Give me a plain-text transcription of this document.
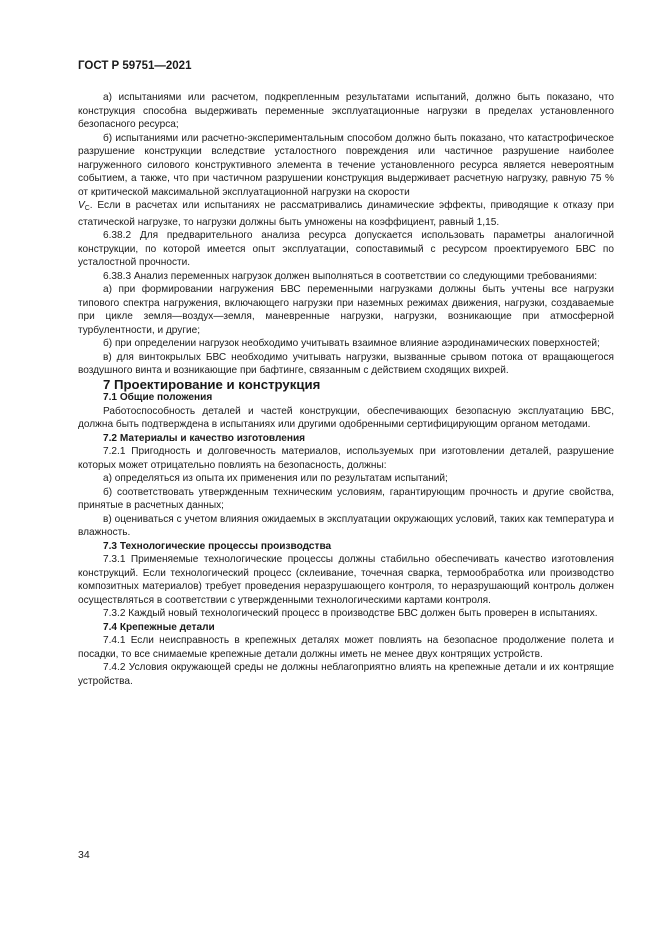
ГОСТ Р 59751—2021

а) испытаниями или расчетом, подкрепленным результатами испытаний, должно быть показано, что конструкция способна выдерживать переменные эксплуатационные нагрузки в пределах установленного безопасного ресурса;

б) испытаниями или расчетно-экспериментальным способом должно быть показано, что катастрофическое разрушение конструкции вследствие усталостного повреждения или частичное разрушение наиболее нагруженного силового конструктивного элемента в течение установленного ресурса является невероятным событием, а также, что при частичном разрушении конструкция выдерживает расчетную нагрузку, равную 75 % от критической максимальной эксплуатационной нагрузки на скорости

$V_C$. Если в расчетах или испытаниях не рассматривались динамические эффекты, приводящие к отказу при статической нагрузке, то нагрузки должны быть умножены на коэффициент, равный 1,15.

6.38.2 Для предварительного анализа ресурса допускается использовать параметры аналогичной конструкции, по которой имеется опыт эксплуатации, сопоставимый с ресурсом проектируемого БВС по усталостной прочности.

6.38.3 Анализ переменных нагрузок должен выполняться в соответствии со следующими требованиями:

а) при формировании нагружения БВС переменными нагрузками должны быть учтены все нагрузки типового спектра нагружения, включающего нагрузки при наземных режимах движения, нагрузки, создаваемые при цикле земля—воздух—земля, маневренные нагрузки, нагрузки, возникающие при атмосферной турбулентности, и другие;

б) при определении нагрузок необходимо учитывать взаимное влияние аэродинамических поверхностей;

в) для винтокрылых БВС необходимо учитывать нагрузки, вызванные срывом потока от вращающегося воздушного винта и возникающие при бафтинге, связанным с действием сходящих вихрей.

7 Проектирование и конструкция

7.1 Общие положения

Работоспособность деталей и частей конструкции, обеспечивающих безопасную эксплуатацию БВС, должна быть подтверждена в испытаниях или другими одобренными сертифицирующим органом методами.

7.2 Материалы и качество изготовления

7.2.1 Пригодность и долговечность материалов, используемых при изготовлении деталей, разрушение которых может отрицательно повлиять на безопасность, должны:

а) определяться из опыта их применения или по результатам испытаний;

б) соответствовать утвержденным техническим условиям, гарантирующим прочность и другие свойства, принятые в расчетных данных;

в) оцениваться с учетом влияния ожидаемых в эксплуатации окружающих условий, таких как температура и влажность.

7.3 Технологические процессы производства

7.3.1 Применяемые технологические процессы должны стабильно обеспечивать качество изготовления конструкций. Если технологический процесс (склеивание, точечная сварка, термообработка или производство композитных материалов) требует проведения неразрушающего контроля, то неразрушающий контроль должен осуществляться в соответствии с утвержденными технологическими картами контроля.

7.3.2 Каждый новый технологический процесс в производстве БВС должен быть проверен в испытаниях.

7.4 Крепежные детали

7.4.1 Если неисправность в крепежных деталях может повлиять на безопасное продолжение полета и посадки, то все снимаемые крепежные детали должны иметь не менее двух контрящих устройств.

7.4.2 Условия окружающей среды не должны неблагоприятно влиять на крепежные детали и их контрящие устройства.

34
